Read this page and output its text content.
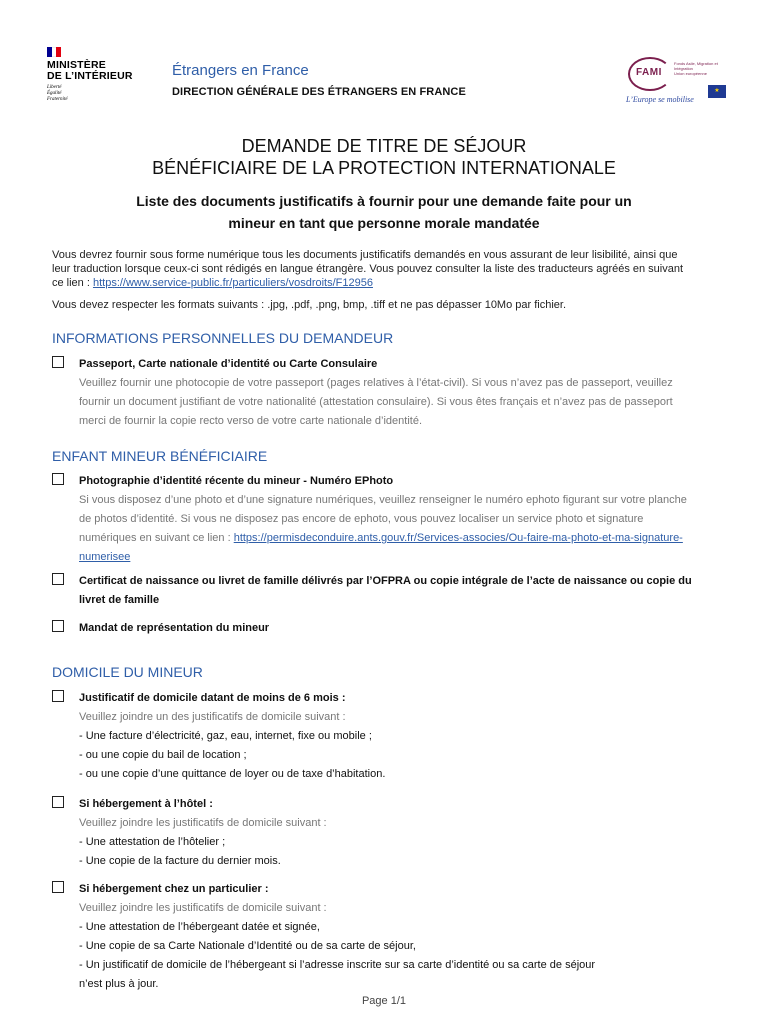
MINISTÈRE
DE L’INTÉRIEUR
Liberté
Égalité
Fraternité
Étrangers en France
DIRECTION GÉNÉRALE DES ÉTRANGERS EN FRANCE
FAMI
Fonds Asile, Migration et Intégration
Union européenne
L’Europe se mobilise
★
DEMANDE DE TITRE DE SÉJOUR
BÉNÉFICIAIRE DE LA PROTECTION INTERNATIONALE
Liste des documents justificatifs à fournir pour une demande faite pour un
mineur en tant que personne morale mandatée
Vous devrez fournir sous forme numérique tous les documents justificatifs demandés en vous assurant de leur lisibilité, ainsi que
leur traduction lorsque ceux-ci sont rédigés en langue étrangère. Vous pouvez consulter la liste des traducteurs agréés en suivant
ce lien : https://www.service-public.fr/particuliers/vosdroits/F12956
Vous devez respecter les formats suivants : .jpg, .pdf, .png, bmp, .tiff et ne pas dépasser 10Mo par fichier.
INFORMATIONS PERSONNELLES DU DEMANDEUR
Passeport, Carte nationale d’identité ou Carte Consulaire
Veuillez fournir une photocopie de votre passeport (pages relatives à l’état-civil). Si vous n’avez pas de passeport, veuillez
fournir un document justifiant de votre nationalité (attestation consulaire). Si vous êtes français et n’avez pas de passeport
merci de fournir la copie recto verso de votre carte nationale d’identité.
ENFANT MINEUR BÉNÉFICIAIRE
Photographie d’identité récente du mineur - Numéro EPhoto
Si vous disposez d’une photo et d’une signature numériques, veuillez renseigner le numéro ephoto figurant sur votre planche
de photos d’identité. Si vous ne disposez pas encore de ephoto, vous pouvez localiser un service photo et signature
numériques en suivant ce lien : https://permisdeconduire.ants.gouv.fr/Services-associes/Ou-faire-ma-photo-et-ma-signature-
numerisee
Certificat de naissance ou livret de famille délivrés par l’OFPRA ou copie intégrale de l’acte de naissance ou copie du
livret de famille
Mandat de représentation du mineur
DOMICILE DU MINEUR
Justificatif de domicile datant de moins de 6 mois :
Veuillez joindre un des justificatifs de domicile suivant :
- Une facture d’électricité, gaz, eau, internet, fixe ou mobile ;
- ou une copie du bail de location ;
- ou une copie d’une quittance de loyer ou de taxe d’habitation.
Si hébergement à l’hôtel :
Veuillez joindre les justificatifs de domicile suivant :
- Une attestation de l’hôtelier ;
- Une copie de la facture du dernier mois.
Si hébergement chez un particulier :
Veuillez joindre les justificatifs de domicile suivant :
- Une attestation de l’hébergeant datée et signée,
- Une copie de sa Carte Nationale d’Identité ou de sa carte de séjour,
- Un justificatif de domicile de l’hébergeant si l’adresse inscrite sur sa carte d’identité ou sa carte de séjour
n’est plus à jour.
Page 1/1
